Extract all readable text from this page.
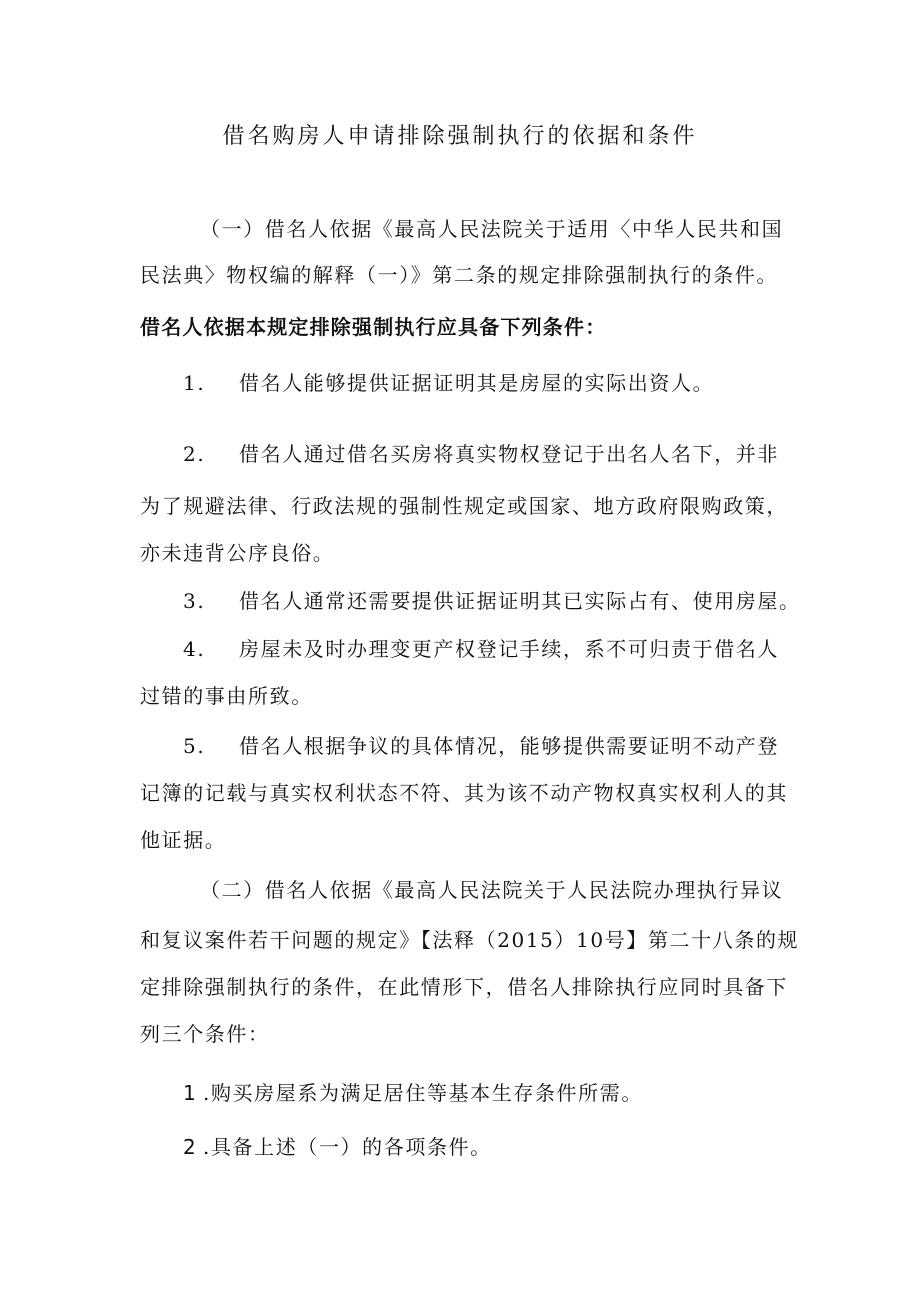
借名购房人申请排除强制执行的依据和条件
（一）借名人依据《最高人民法院关于适用〈中华人民共和国
民法典〉物权编的解释（一）》第二条的规定排除强制执行的条件。
借名人依据本规定排除强制执行应具备下列条件：
1. 借名人能够提供证据证明其是房屋的实际出资人。
2. 借名人通过借名买房将真实物权登记于出名人名下，并非
为了规避法律、行政法规的强制性规定或国家、地方政府限购政策，
亦未违背公序良俗。
3. 借名人通常还需要提供证据证明其已实际占有、使用房屋。
4. 房屋未及时办理变更产权登记手续，系不可归责于借名人
过错的事由所致。
5. 借名人根据争议的具体情况，能够提供需要证明不动产登
记簿的记载与真实权利状态不符、其为该不动产物权真实权利人的其
他证据。
（二）借名人依据《最高人民法院关于人民法院办理执行异议
和复议案件若干问题的规定》【法释（2015）10号】第二十八条的规
定排除强制执行的条件，在此情形下，借名人排除执行应同时具备下
列三个条件：
1 .购买房屋系为满足居住等基本生存条件所需。
2 .具备上述（一）的各项条件。
